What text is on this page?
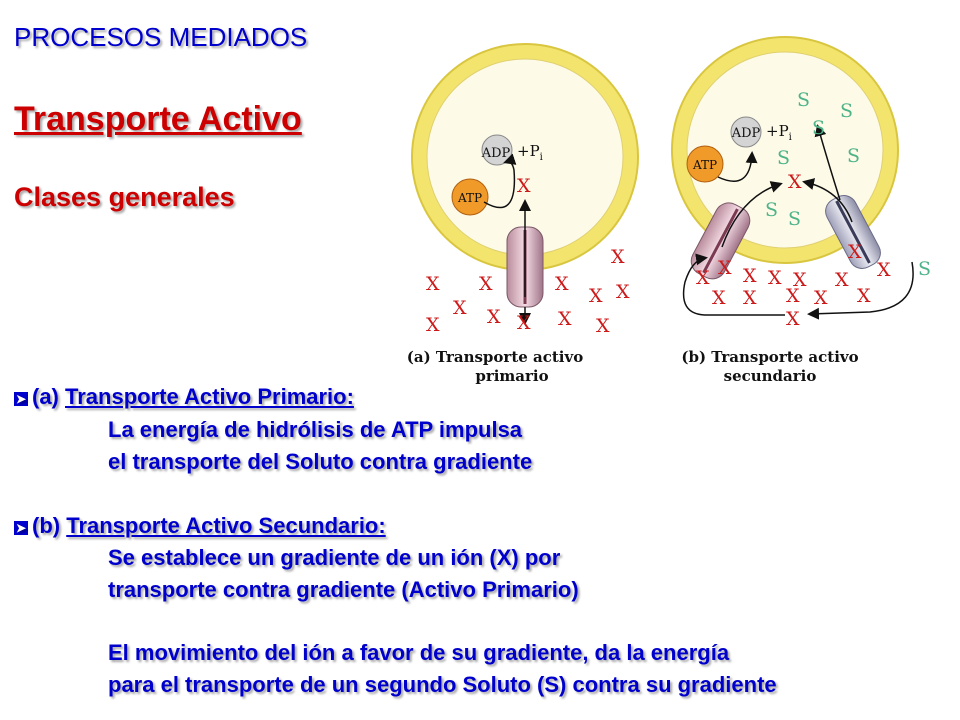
PROCESOS MEDIADOS
Transporte Activo
Clases generales
ADP $+P_i$
ATP
X
X
X X	X
X X
X X	X
X	X	X
(a) Transporte activo
primario
ADP $+P_i$
ATP
X
X
X	X
X X X X X
X X X X X
X
S S
S
S
S
S S
S
(b) Transporte activo
secundario
➤ (a) Transporte Activo Primario:
La energía de hidrólisis de ATP impulsa
el transporte del Soluto contra gradiente
➤ (b) Transporte Activo Secundario:
Se establece un gradiente de un ión (X) por
transporte contra gradiente (Activo Primario)
El movimiento del ión a favor de su gradiente, da la energía
para el transporte de un segundo Soluto (S) contra su gradiente
